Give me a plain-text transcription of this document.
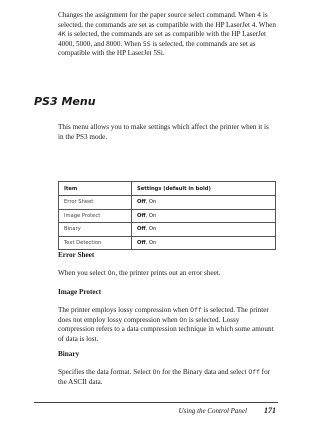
Changes the assignment for the paper source select command. When 4 is selected, the commands are set as compatible with the HP LaserJet 4. When 4K is selected, the commands are set as compatible with the HP LaserJet 4000, 5000, and 8000. When 5S is selected, the commands are set as compatible with the HP LaserJet 5Si.

PS3 Menu

This menu allows you to make settings which affect the printer when it is in the PS3 mode.

Item	Settings (default in bold)
Error Sheet	Off, On
Image Protect	Off, On
Binary	Off, On
Text Detection	Off, On
Error Sheet

When you select On, the printer prints out an error sheet.

Image Protect

The printer employs lossy compression when Off is selected. The printer does not employ lossy compression when On is selected. Lossy compression refers to a data compression technique in which some amount of data is lost.

Binary

Specifies the data format. Select On for the Binary data and select Off for the ASCII data.

Using the Control Panel 171
